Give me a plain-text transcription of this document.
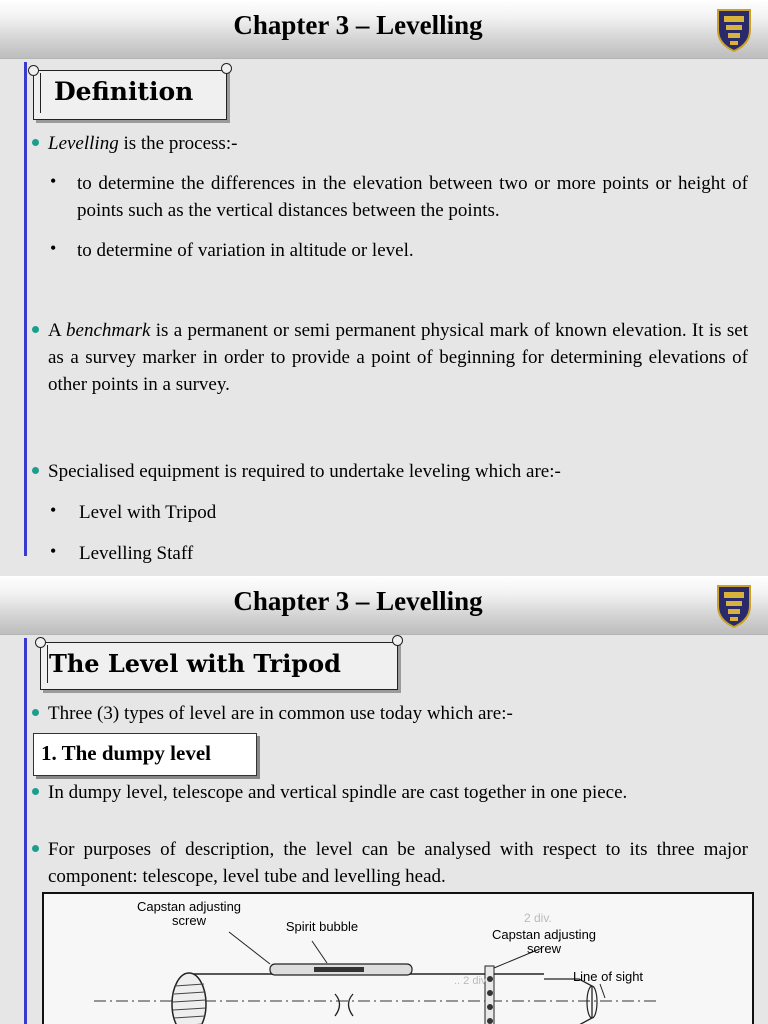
Chapter 3 – Levelling
Definition
Levelling is the process:-
• to determine the differences in the elevation between two or more points or height of points such as the vertical distances between the points.
• to determine of variation in altitude or level.
A benchmark is a permanent or semi permanent physical mark of known elevation. It is set as a survey marker in order to provide a point of beginning for determining elevations of other points in a survey.
Specialised equipment is required to undertake leveling which are:-
• Level with Tripod
• Levelling Staff
Chapter 3 – Levelling
The Level with Tripod
Three (3) types of level are in common use today which are:-
1. The dumpy level
In dumpy level, telescope and vertical spindle are cast together in one piece.
For purposes of description, the level can be analysed with respect to its three major component: telescope, level tube and levelling head.
2 div.
.. 2 div
Capstan adjusting screw	Spirit bubble
Capstan adjusting screw
Line of sight
